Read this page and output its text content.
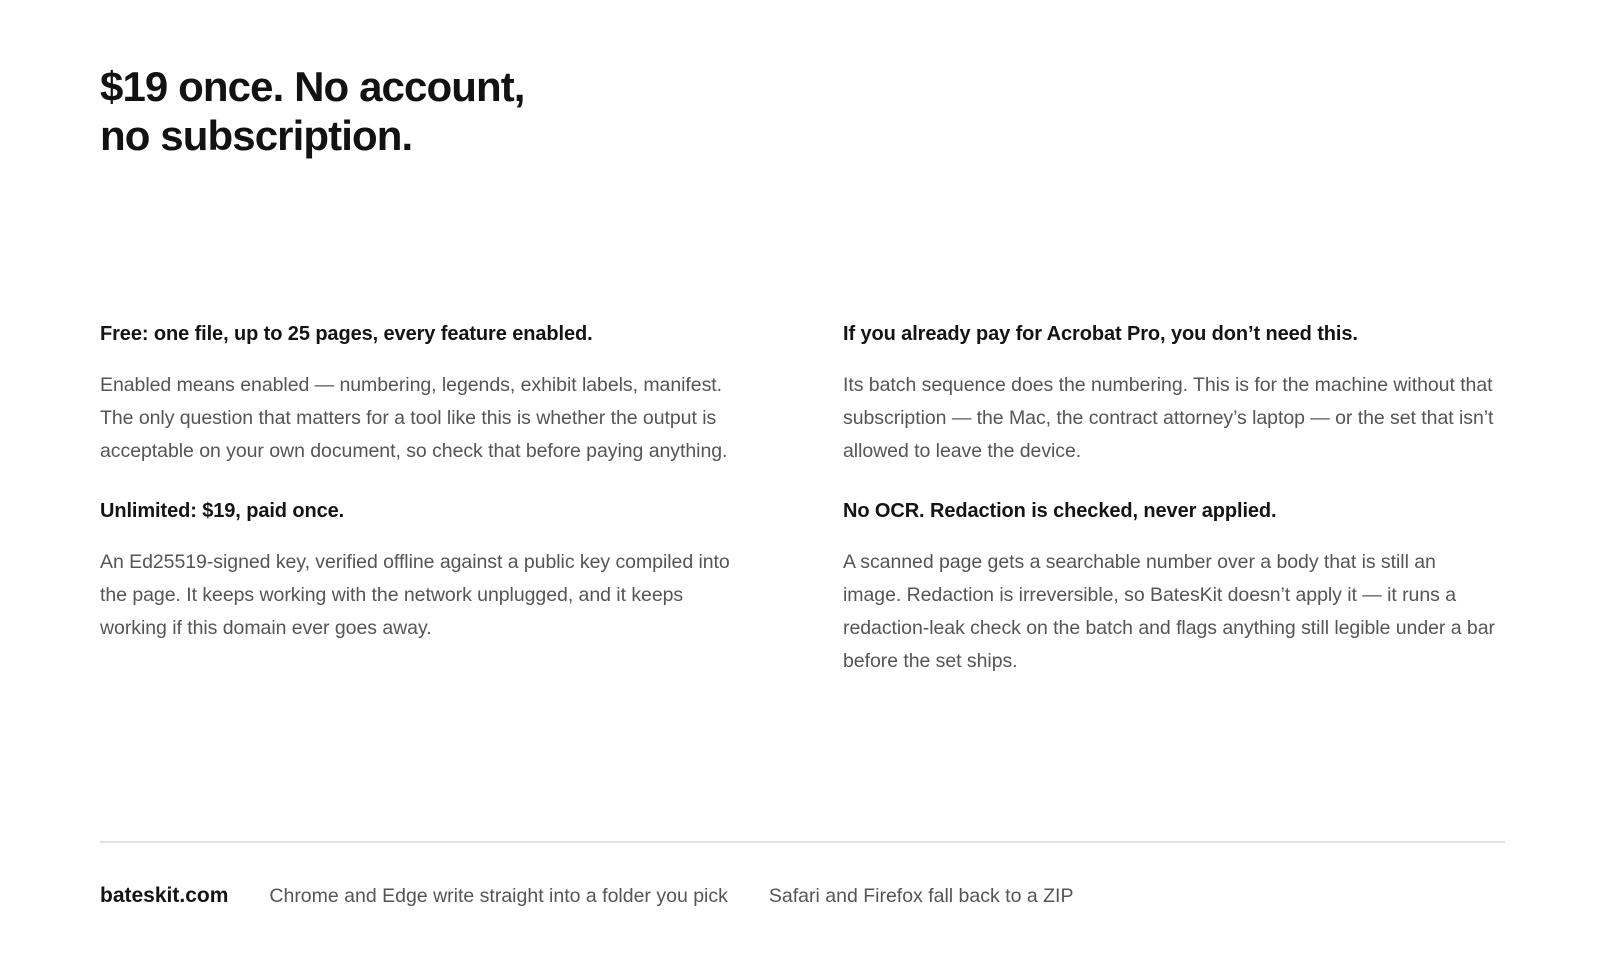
$19 once. No account,
no subscription.
Free: one file, up to 25 pages, every feature enabled.

Enabled means enabled — numbering, legends, exhibit labels, manifest. The only question that matters for a tool like this is whether the output is acceptable on your own document, so check that before paying anything.

Unlimited: $19, paid once.

An Ed25519-signed key, verified offline against a public key compiled into the page. It keeps working with the network unplugged, and it keeps working if this domain ever goes away.

If you already pay for Acrobat Pro, you don’t need this.

Its batch sequence does the numbering. This is for the machine without that subscription — the Mac, the contract attorney’s laptop — or the set that isn’t allowed to leave the device.

No OCR. Redaction is checked, never applied.

A scanned page gets a searchable number over a body that is still an image. Redaction is irreversible, so BatesKit doesn’t apply it — it runs a redaction-leak check on the batch and flags anything still legible under a bar before the set ships.

bateskit.com Chrome and Edge write straight into a folder you pick Safari and Firefox fall back to a ZIP
